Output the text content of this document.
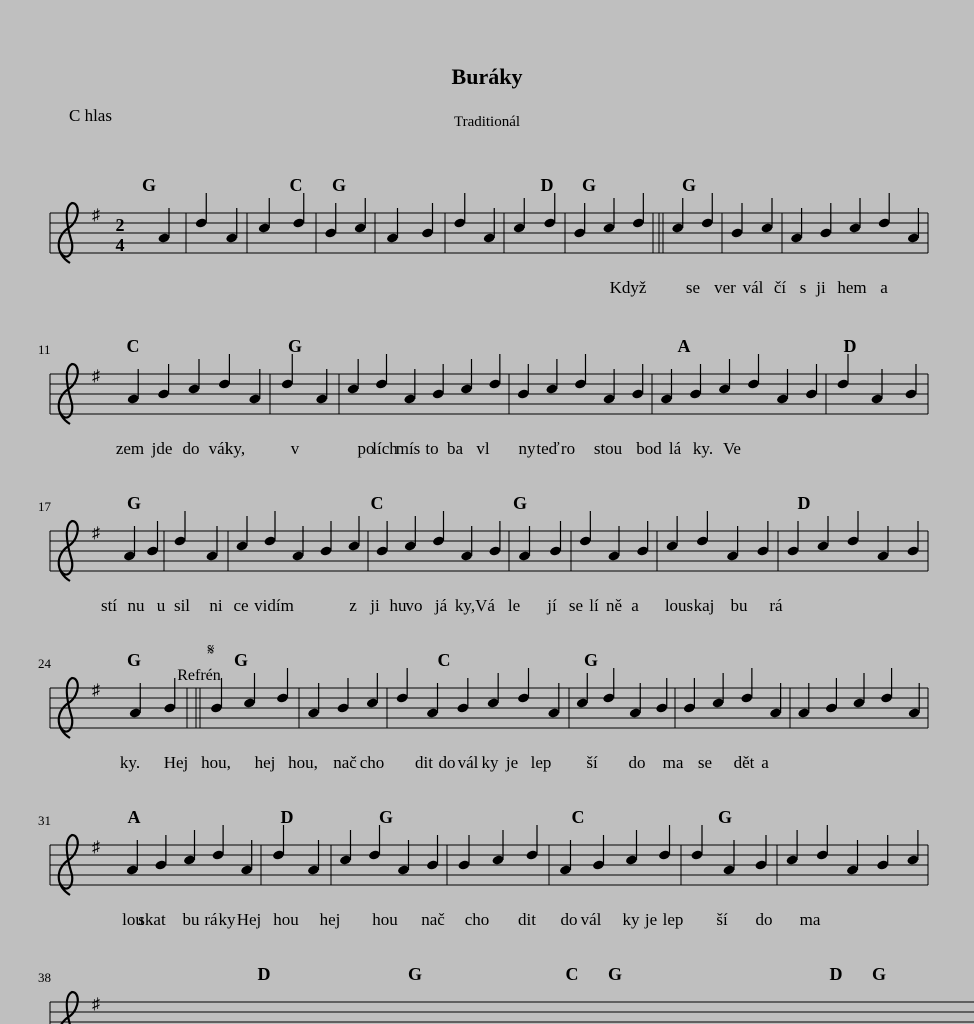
Buráky
C hlas	Traditionál
♯ 2
4
G	C G	D G	G
Když se ver vál čí s ji hem a
♯
11	C	G	A	D
zem jde do vál
ky,	v	po
lích
mís to ba vl ny teď ro stou bod lá ky. Ve
♯
17	G	C	G	D
stí nu u sil ni ce vidím	z ji hu vo já ky, Vá le jí se lí ně a lous kaj bu rá
♯
24	G	G	C	G
ky. Hej hou, hej hou, nač cho dit do vál ky je lep ší do ma se dět a
♯
31	A	D	G	C	G
lou
skat bu rá ky Hej hou hej hou nač cho dit do vál ky je lep ší do ma
♯
38	D	G	C G	D G
𝄋
Refrén
